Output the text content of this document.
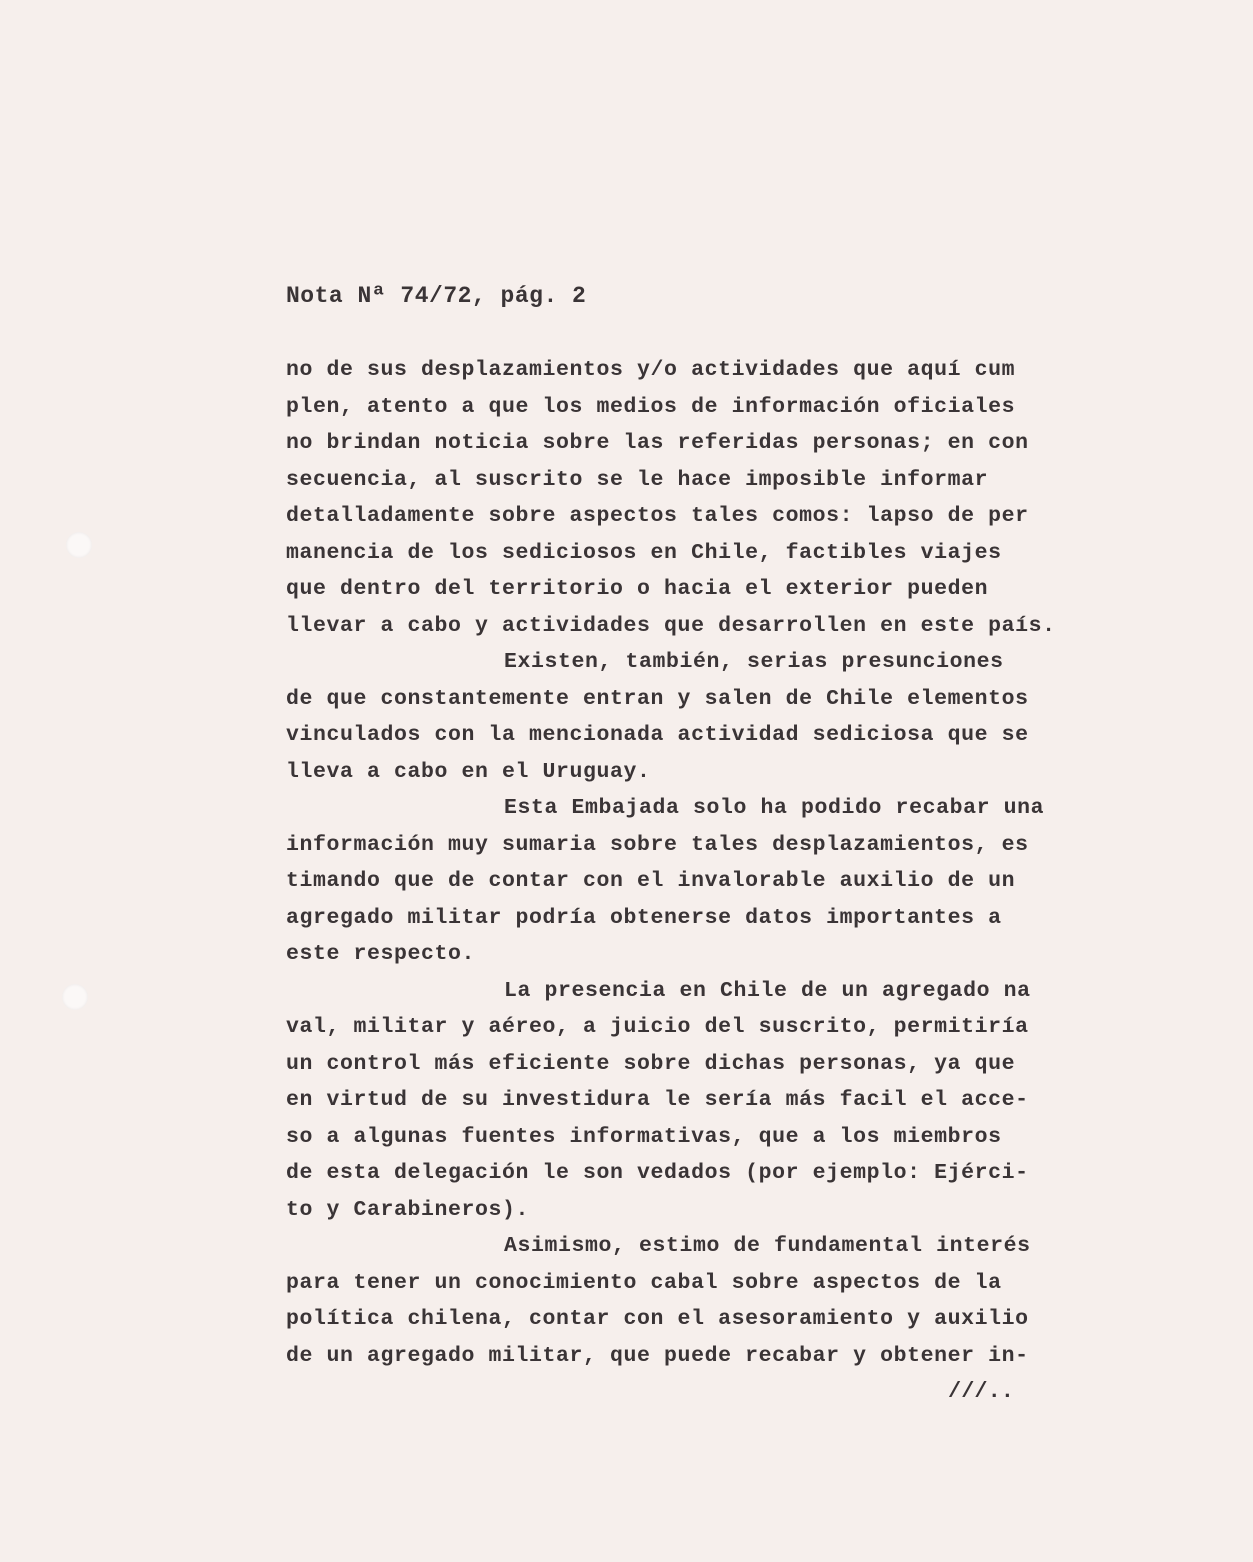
Nota Nª 74/72, pág. 2
no de sus desplazamientos y/o actividades que aquí cum
plen, atento a que los medios de información oficiales
no brindan noticia sobre las referidas personas; en con
secuencia, al suscrito se le hace imposible informar
detalladamente sobre aspectos tales comos: lapso de per
manencia de los sediciosos en Chile, factibles viajes
que dentro del territorio o hacia el exterior pueden
llevar a cabo y actividades que desarrollen en este país.
Existen, también, serias presunciones
de que constantemente entran y salen de Chile elementos
vinculados con la mencionada actividad sediciosa que se
lleva a cabo en el Uruguay.
Esta Embajada solo ha podido recabar una
información muy sumaria sobre tales desplazamientos, es
timando que de contar con el invalorable auxilio de un
agregado militar podría obtenerse datos importantes a
este respecto.
La presencia en Chile de un agregado na
val, militar y aéreo, a juicio del suscrito, permitiría
un control más eficiente sobre dichas personas, ya que
en virtud de su investidura le sería más facil el acce-
so a algunas fuentes informativas, que a los miembros
de esta delegación le son vedados (por ejemplo: Ejérci-
to y Carabineros).
Asimismo, estimo de fundamental interés
para tener un conocimiento cabal sobre aspectos de la
política chilena, contar con el asesoramiento y auxilio
de un agregado militar, que puede recabar y obtener in-
///..
